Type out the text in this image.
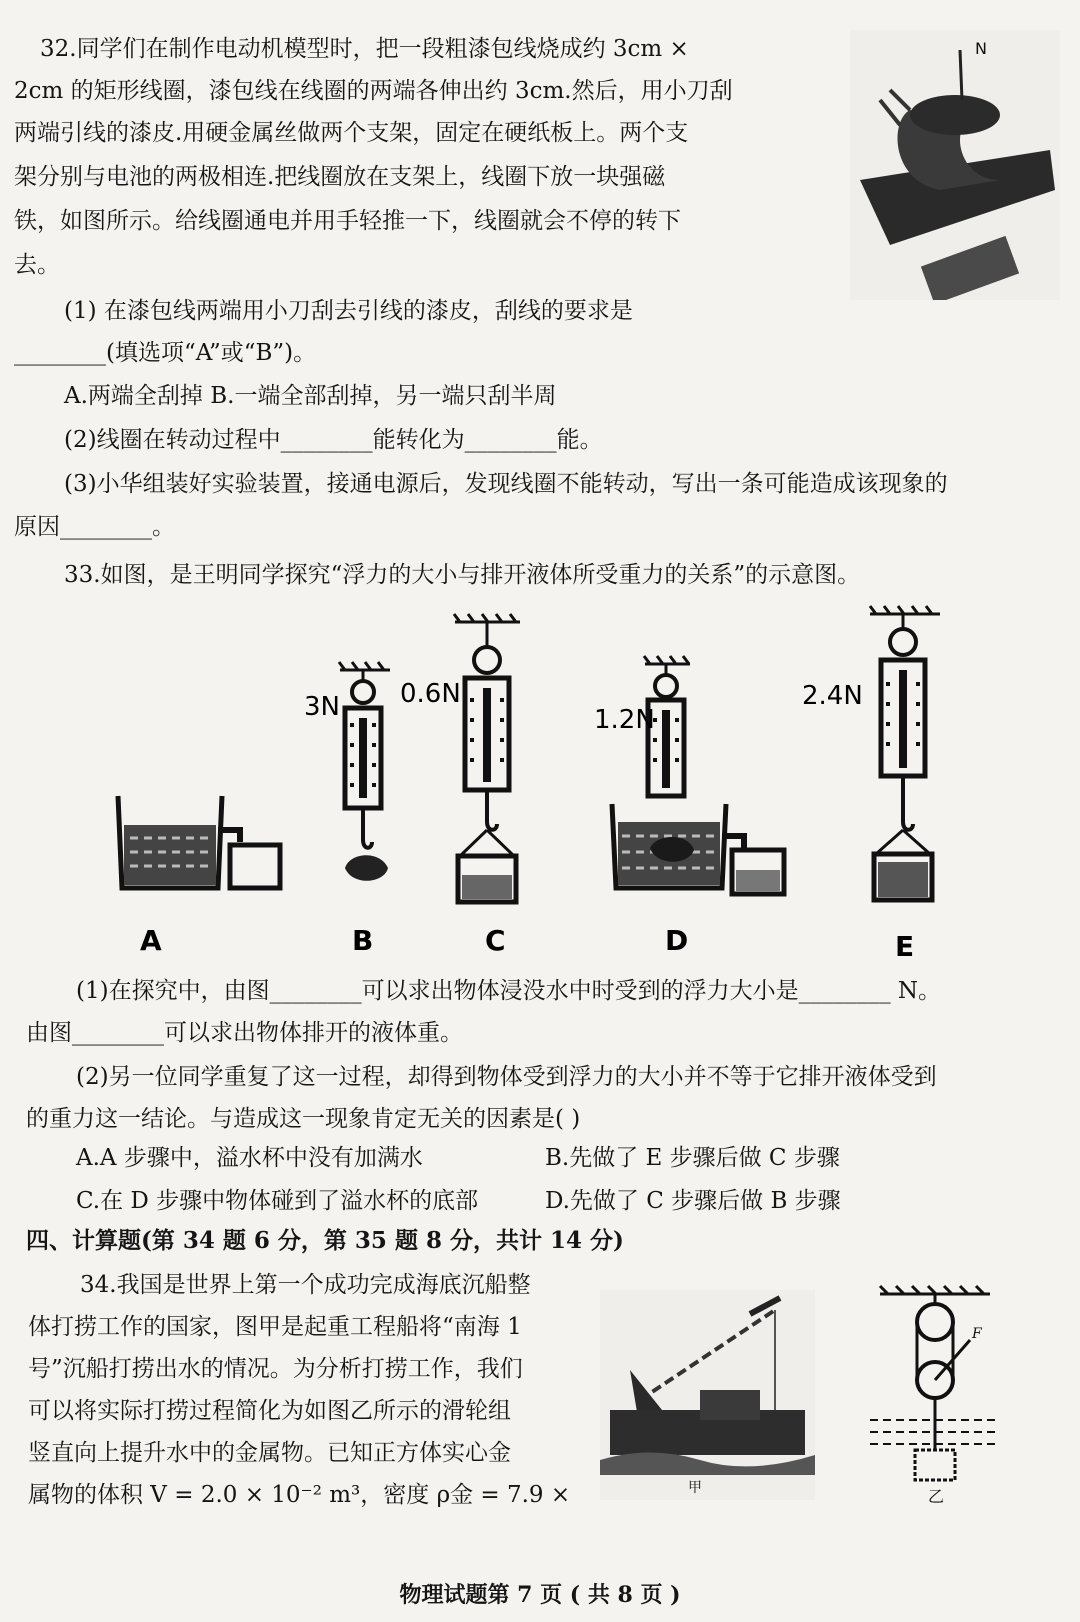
32.同学们在制作电动机模型时，把一段粗漆包线烧成约 3cm ×
2cm 的矩形线圈，漆包线在线圈的两端各伸出约 3cm.然后，用小刀刮
两端引线的漆皮.用硬金属丝做两个支架，固定在硬纸板上。两个支
架分别与电池的两极相连.把线圈放在支架上，线圈下放一块强磁
铁，如图所示。给线圈通电并用手轻推一下，线圈就会不停的转下
去。
(1) 在漆包线两端用小刀刮去引线的漆皮，刮线的要求是
________(填选项“A”或“B”)。
A.两端全刮掉 B.一端全部刮掉，另一端只刮半周
(2)线圈在转动过程中________能转化为________能。
(3)小华组装好实验装置，接通电源后，发现线圈不能转动，写出一条可能造成该现象的
原因________。
N
33.如图，是王明同学探究“浮力的大小与排开液体所受重力的关系”的示意图。
A
3N
B
0.6N
C
1.2N
D
2.4N
E
(1)在探究中，由图________可以求出物体浸没水中时受到的浮力大小是________ N。
由图________可以求出物体排开的液体重。
(2)另一位同学重复了这一过程，却得到物体受到浮力的大小并不等于它排开液体受到
的重力这一结论。与造成这一现象肯定无关的因素是( )
A.A 步骤中，溢水杯中没有加满水	B.先做了 E 步骤后做 C 步骤
C.在 D 步骤中物体碰到了溢水杯的底部	D.先做了 C 步骤后做 B 步骤
四、计算题(第 34 题 6 分，第 35 题 8 分，共计 14 分)
34.我国是世界上第一个成功完成海底沉船整
体打捞工作的国家，图甲是起重工程船将“南海 1
号”沉船打捞出水的情况。为分析打捞工作，我们
可以将实际打捞过程简化为如图乙所示的滑轮组
竖直向上提升水中的金属物。已知正方体实心金
属物的体积 V = 2.0 × 10⁻² m³，密度 ρ金 = 7.9 ×	甲
F
乙
物理试题第 7 页 ( 共 8 页 )
